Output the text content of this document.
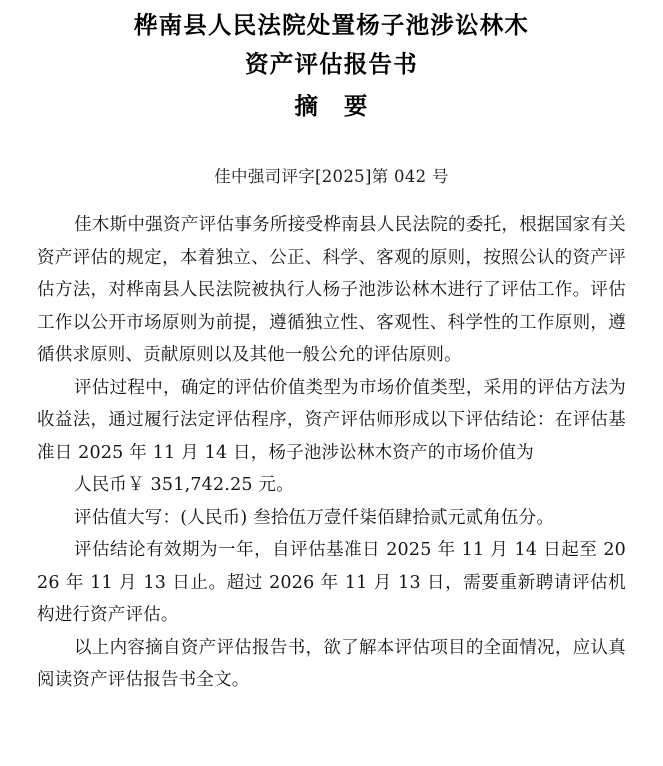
桦南县人民法院处置杨子池涉讼林木
资产评估报告书
摘　要
佳中强司评字[2025]第 042 号

佳木斯中强资产评估事务所接受桦南县人民法院的委托，根据国家有关资产评估的规定，本着独立、公正、科学、客观的原则，按照公认的资产评估方法，对桦南县人民法院被执行人杨子池涉讼林木进行了评估工作。评估工作以公开市场原则为前提，遵循独立性、客观性、科学性的工作原则，遵循供求原则、贡献原则以及其他一般公允的评估原则。

评估过程中，确定的评估价值类型为市场价值类型，采用的评估方法为收益法，通过履行法定评估程序，资产评估师形成以下评估结论：在评估基准日 2025 年 11 月 14 日，杨子池涉讼林木资产的市场价值为

人民币￥ 351,742.25 元。

评估值大写：(人民币) 叁拾伍万壹仟柒佰肆拾贰元贰角伍分。

评估结论有效期为一年，自评估基准日 2025 年 11 月 14 日起至 2026 年 11 月 13 日止。超过 2026 年 11 月 13 日，需要重新聘请评估机构进行资产评估。

以上内容摘自资产评估报告书，欲了解本评估项目的全面情况，应认真阅读资产评估报告书全文。
